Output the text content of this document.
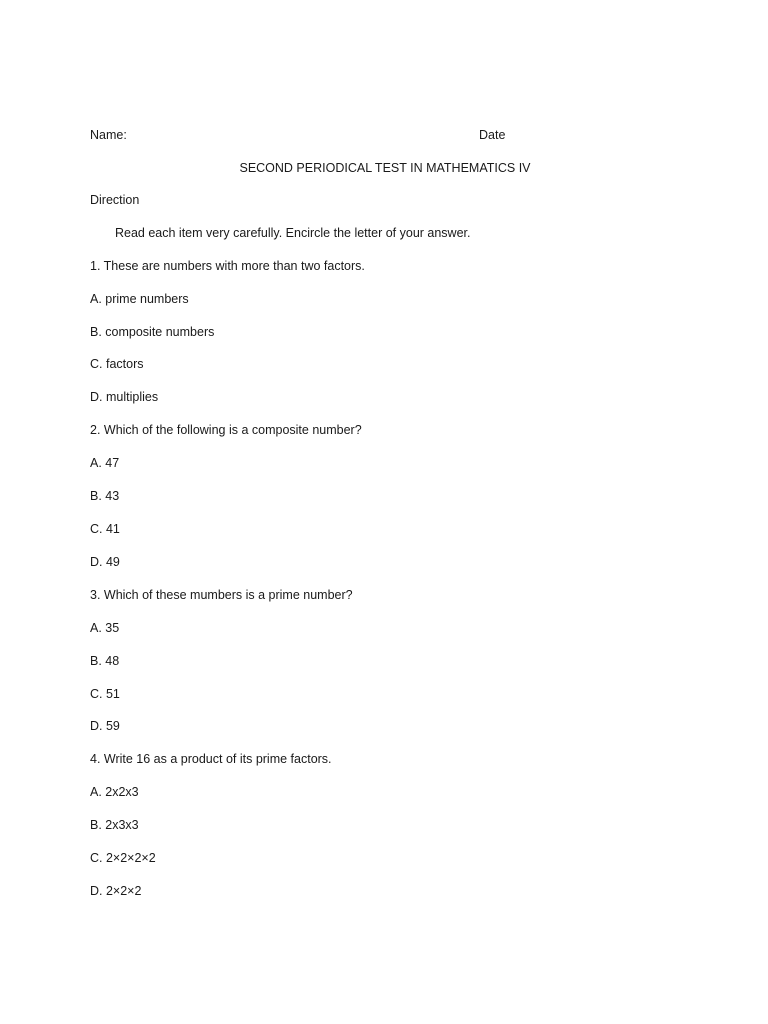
Name:	Date
SECOND PERIODICAL TEST IN MATHEMATICS IV
Direction
Read each item very carefully. Encircle the letter of your answer.
1. These are numbers with more than two factors.
A. prime numbers
B. composite numbers
C. factors
D. multiplies
2. Which of the following is a composite number?
A. 47
B. 43
C. 41
D. 49
3. Which of these mumbers is a prime number?
A. 35
B. 48
C. 51
D. 59
4. Write 16 as a product of its prime factors.
A. 2x2x3
B. 2x3x3
C. 2×2×2×2
D. 2×2×2
